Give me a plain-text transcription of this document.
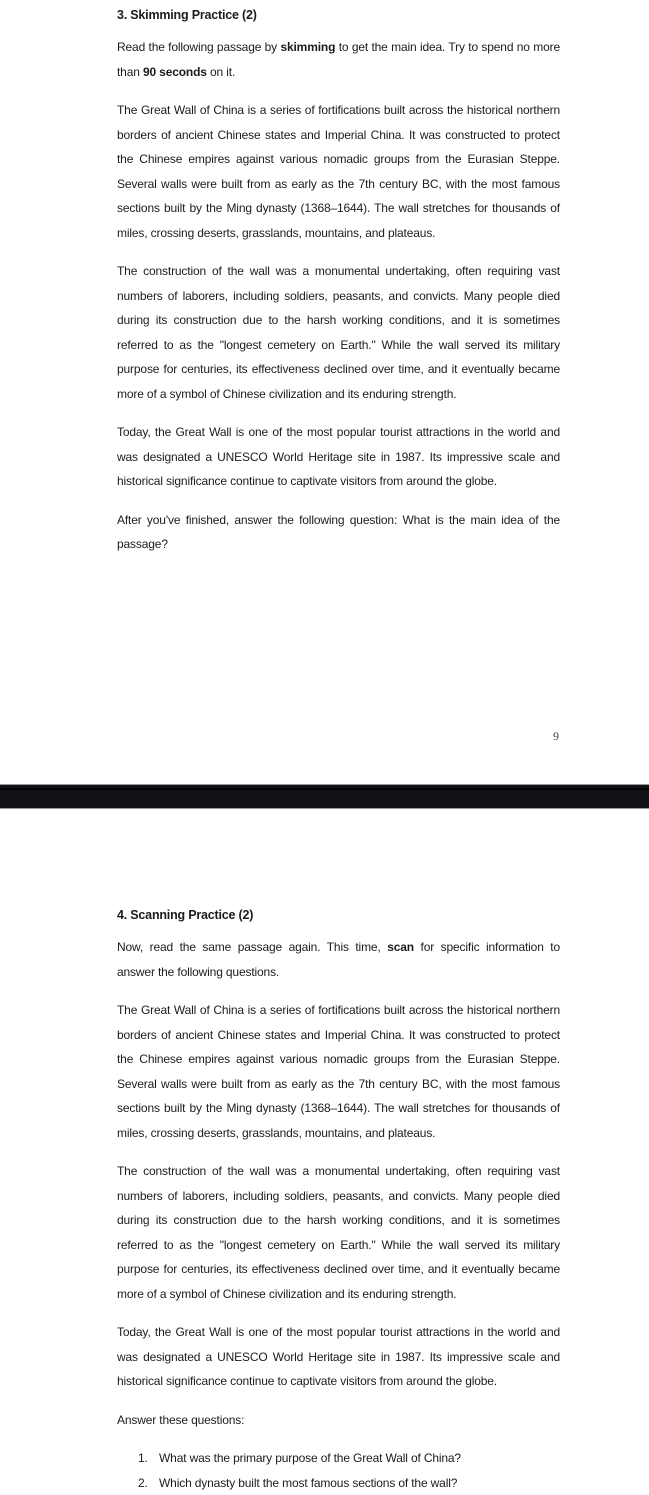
3. Skimming Practice (2)

Read the following passage by skimming to get the main idea. Try to spend no more than 90 seconds on it.

The Great Wall of China is a series of fortifications built across the historical northern borders of ancient Chinese states and Imperial China. It was constructed to protect the Chinese empires against various nomadic groups from the Eurasian Steppe. Several walls were built from as early as the 7th century BC, with the most famous sections built by the Ming dynasty (1368–1644). The wall stretches for thousands of miles, crossing deserts, grasslands, mountains, and plateaus.

The construction of the wall was a monumental undertaking, often requiring vast numbers of laborers, including soldiers, peasants, and convicts. Many people died during its construction due to the harsh working conditions, and it is sometimes referred to as the "longest cemetery on Earth." While the wall served its military purpose for centuries, its effectiveness declined over time, and it eventually became more of a symbol of Chinese civilization and its enduring strength.

Today, the Great Wall is one of the most popular tourist attractions in the world and was designated a UNESCO World Heritage site in 1987. Its impressive scale and historical significance continue to captivate visitors from around the globe.

After you've finished, answer the following question: What is the main idea of the passage?

9
4. Scanning Practice (2)

Now, read the same passage again. This time, scan for specific information to answer the following questions.

The Great Wall of China is a series of fortifications built across the historical northern borders of ancient Chinese states and Imperial China. It was constructed to protect the Chinese empires against various nomadic groups from the Eurasian Steppe. Several walls were built from as early as the 7th century BC, with the most famous sections built by the Ming dynasty (1368–1644). The wall stretches for thousands of miles, crossing deserts, grasslands, mountains, and plateaus.

The construction of the wall was a monumental undertaking, often requiring vast numbers of laborers, including soldiers, peasants, and convicts. Many people died during its construction due to the harsh working conditions, and it is sometimes referred to as the "longest cemetery on Earth." While the wall served its military purpose for centuries, its effectiveness declined over time, and it eventually became more of a symbol of Chinese civilization and its enduring strength.

Today, the Great Wall is one of the most popular tourist attractions in the world and was designated a UNESCO World Heritage site in 1987. Its impressive scale and historical significance continue to captivate visitors from around the globe.

Answer these questions:

1. What was the primary purpose of the Great Wall of China?
2. Which dynasty built the most famous sections of the wall?
